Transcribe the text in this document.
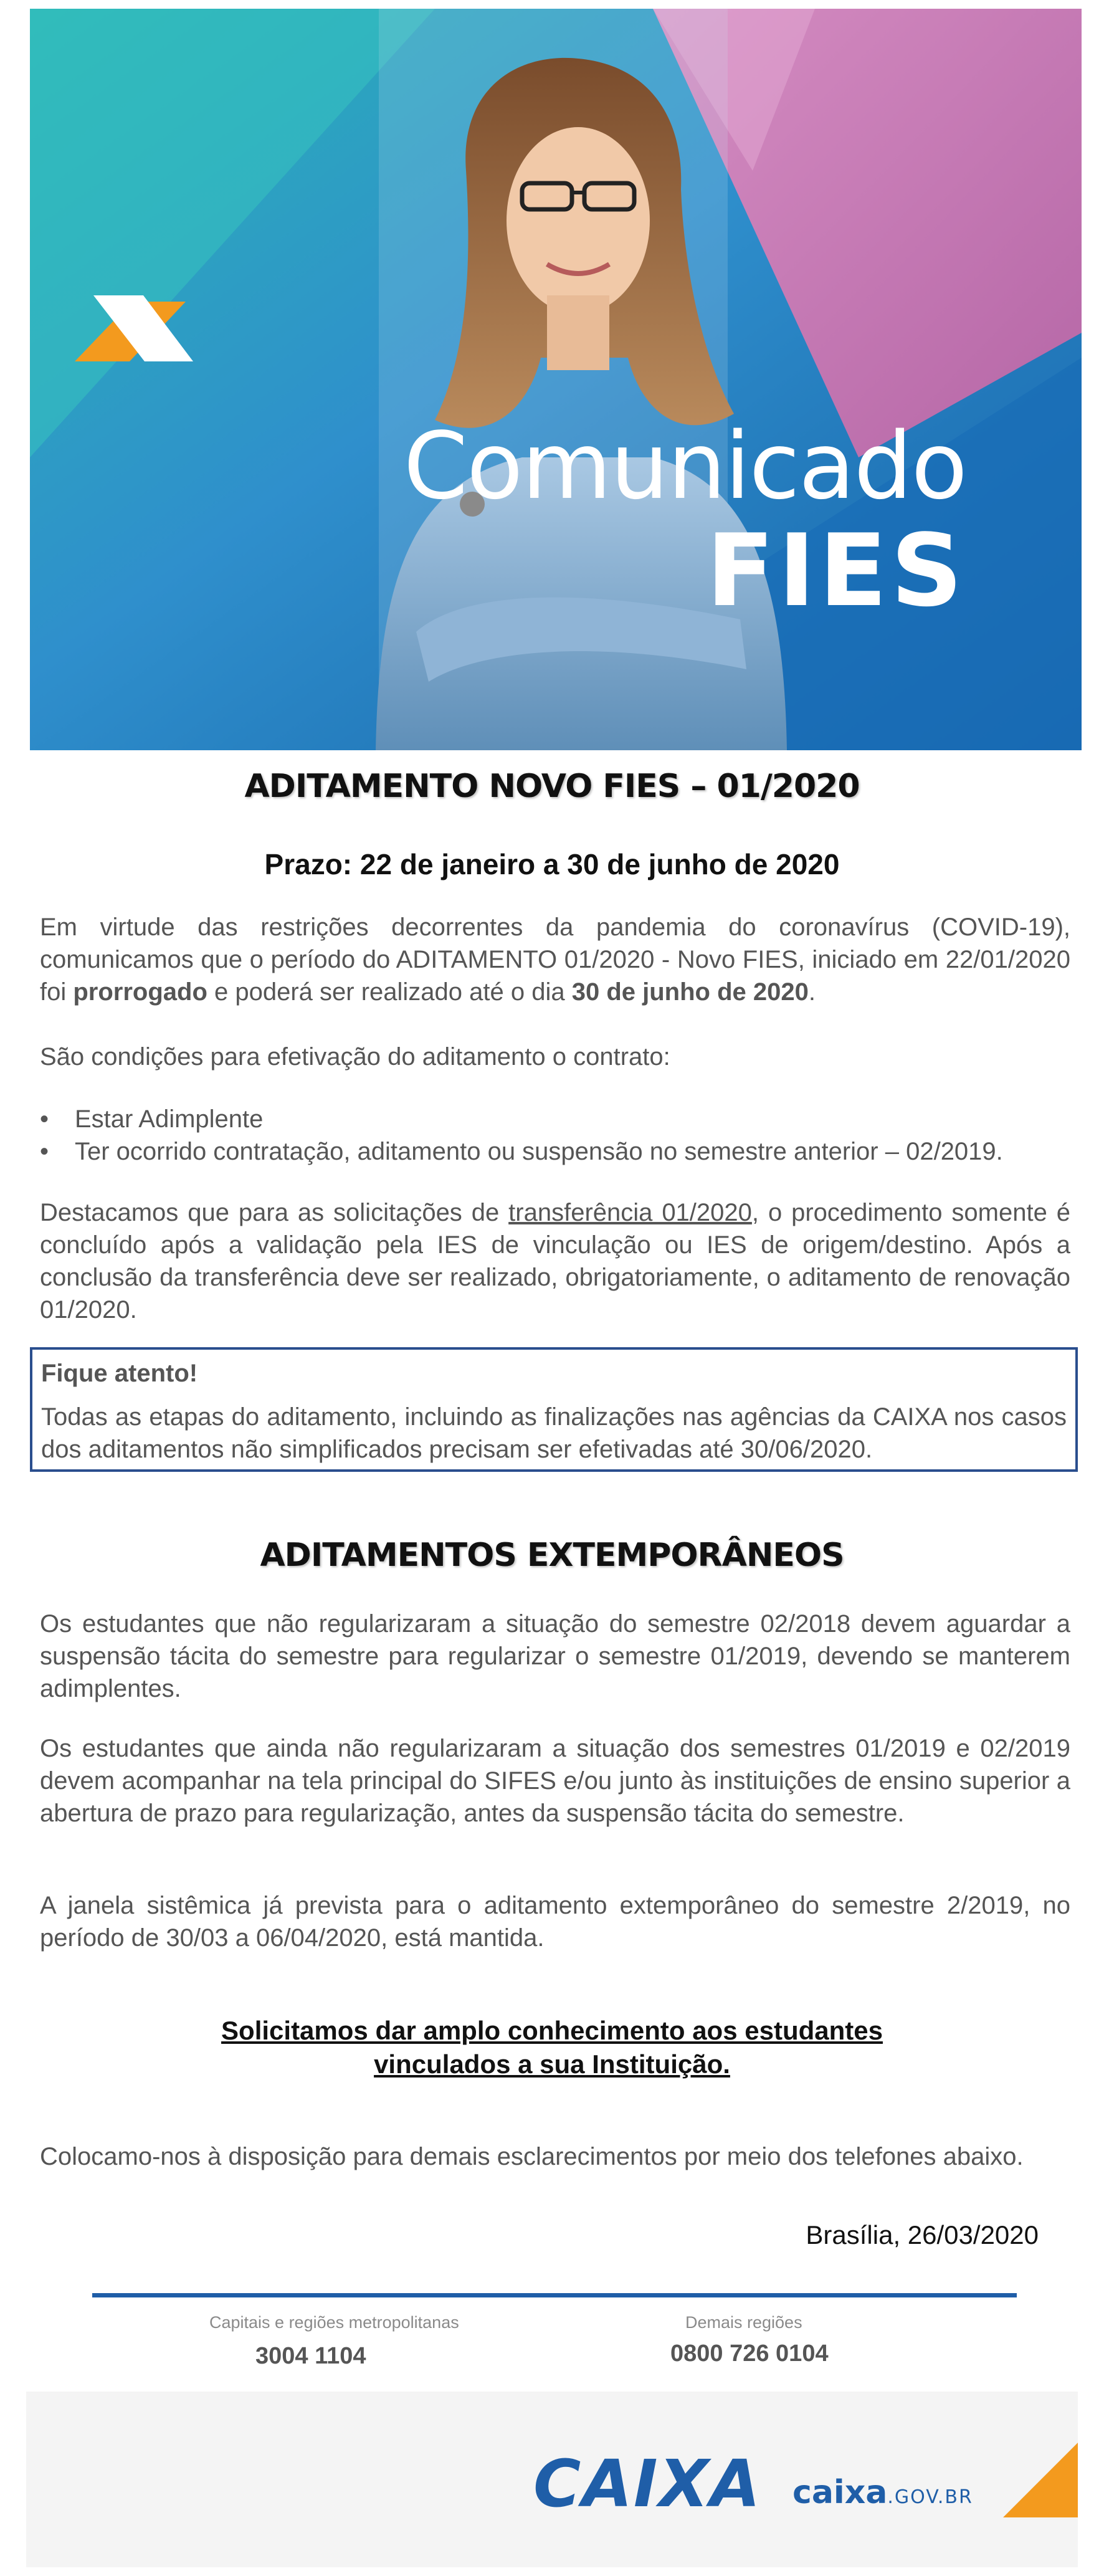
Comunicado
FIES
ADITAMENTO NOVO FIES – 01/2020
Prazo: 22 de janeiro a 30 de junho de 2020

Em virtude das restrições decorrentes da pandemia do coronavírus (COVID-19), comunicamos que o período do ADITAMENTO 01/2020 - Novo FIES, iniciado em 22/01/2020 foi prorrogado e poderá ser realizado até o dia 30 de junho de 2020.

São condições para efetivação do aditamento o contrato:

• Estar Adimplente
• Ter ocorrido contratação, aditamento ou suspensão no semestre anterior – 02/2019.

Destacamos que para as solicitações de transferência 01/2020, o procedimento somente é concluído após a validação pela IES de vinculação ou IES de origem/destino. Após a conclusão da transferência deve ser realizado, obrigatoriamente, o aditamento de renovação 01/2020.

Fique atento!

Todas as etapas do aditamento, incluindo as finalizações nas agências da CAIXA nos casos dos aditamentos não simplificados precisam ser efetivadas até 30/06/2020.

ADITAMENTOS EXTEMPORÂNEOS

Os estudantes que não regularizaram a situação do semestre 02/2018 devem aguardar a suspensão tácita do semestre para regularizar o semestre 01/2019, devendo se manterem adimplentes.

Os estudantes que ainda não regularizaram a situação dos semestres 01/2019 e 02/2019 devem acompanhar na tela principal do SIFES e/ou junto às instituições de ensino superior a abertura de prazo para regularização, antes da suspensão tácita do semestre.

A janela sistêmica já prevista para o aditamento extemporâneo do semestre 2/2019, no período de 30/03 a 06/04/2020, está mantida.

Solicitamos dar amplo conhecimento aos estudantes
vinculados a sua Instituição.

Colocamo-nos à disposição para demais esclarecimentos por meio dos telefones abaixo.

Brasília, 26/03/2020
Capitais e regiões metropolitanas
3004 1104
Demais regiões
0800 726 0104
CAIXA caixa.GOV.BR
